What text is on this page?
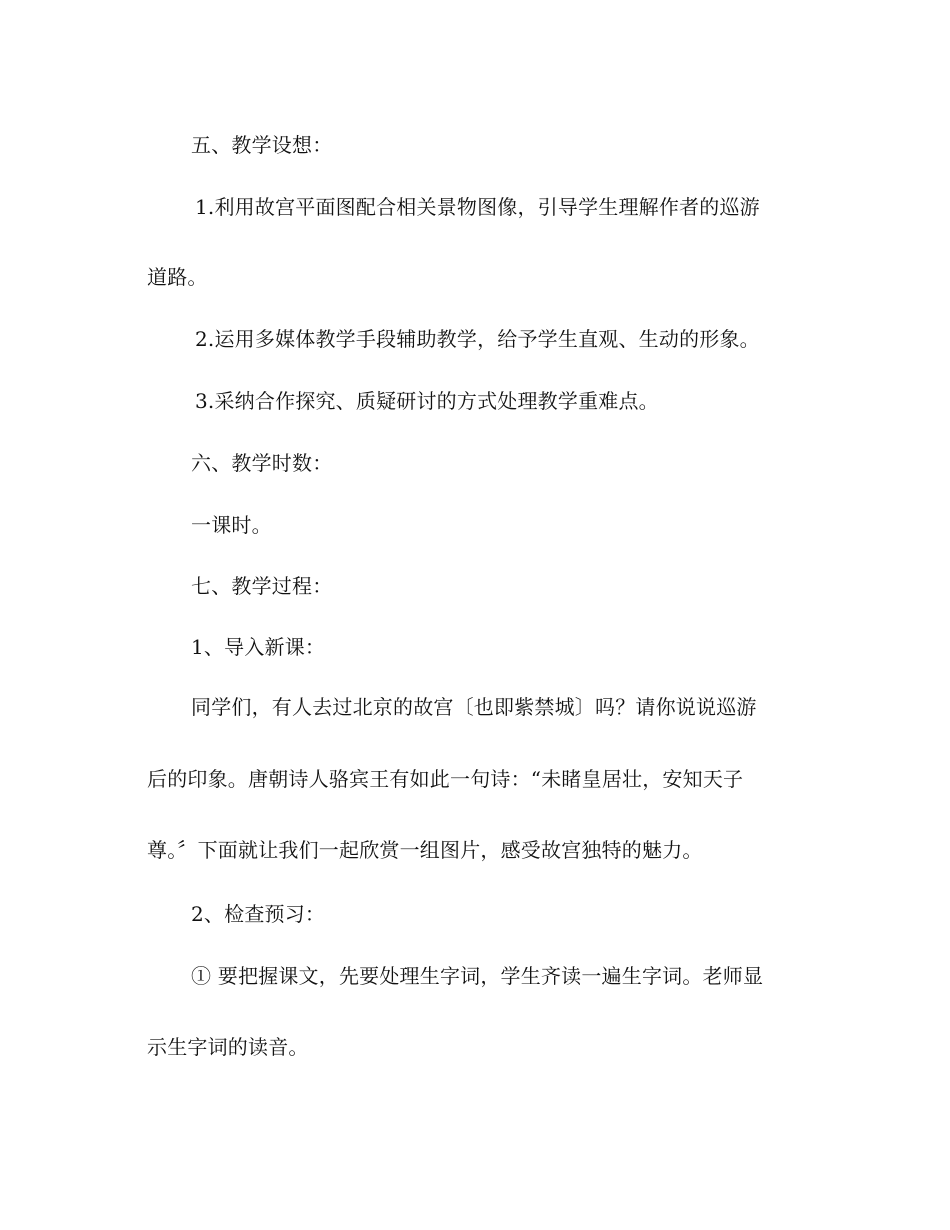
五、教学设想：
1.利用故宫平面图配合相关景物图像，引导学生理解作者的巡游
道路。
2.运用多媒体教学手段辅助教学，给予学生直观、生动的形象。
3.采纳合作探究、质疑研讨的方式处理教学重难点。
六、教学时数：
一课时。
七、教学过程：
1、导入新课：
同学们，有人去过北京的故宫〔也即紫禁城〕吗？请你说说巡游
后的印象。唐朝诗人骆宾王有如此一句诗：“未睹皇居壮，安知天子
尊。〞下面就让我们一起欣赏一组图片，感受故宫独特的魅力。
2、检查预习：
① 要把握课文，先要处理生字词，学生齐读一遍生字词。老师显
示生字词的读音。
